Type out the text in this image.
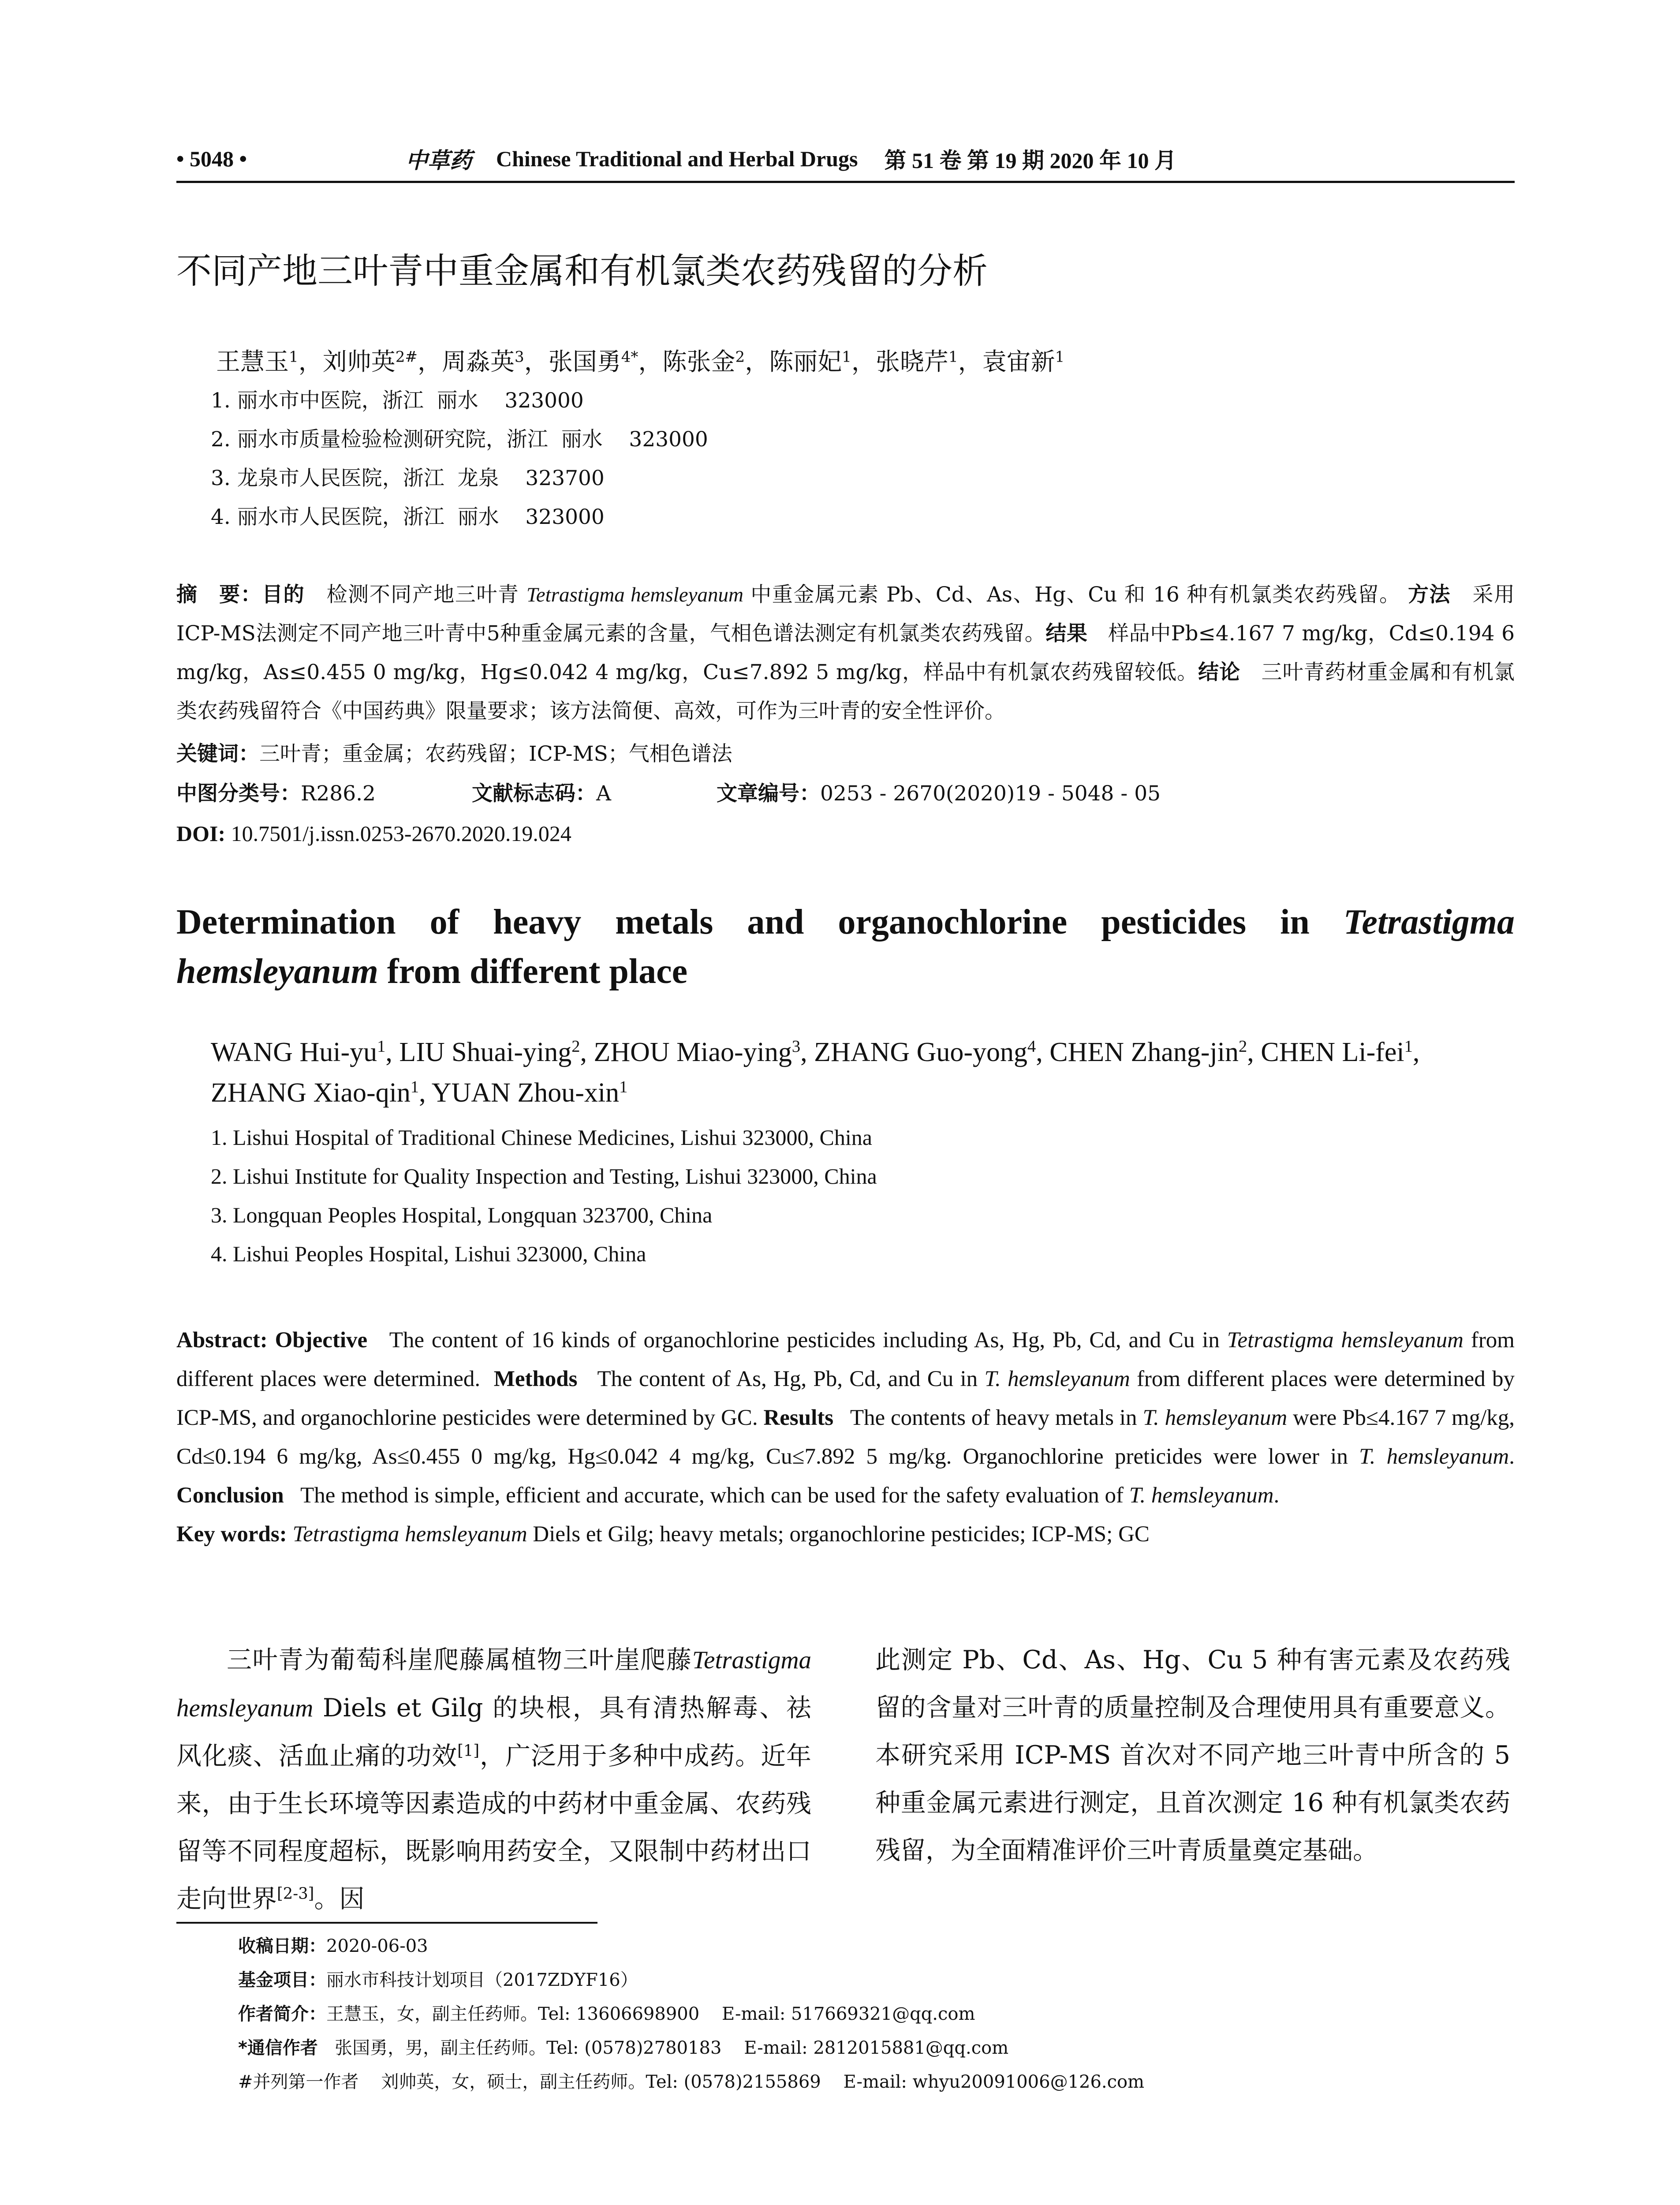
• 5048 •	中草药 Chinese Traditional and Herbal Drugs 第 51 卷 第 19 期 2020 年 10 月
不同产地三叶青中重金属和有机氯类农药残留的分析
王慧玉$^1$，刘帅英$^{2\#}$，周淼英$^3$，张国勇$^{4*}$，陈张金$^2$，陈丽妃$^1$，张晓芹$^1$，袁宙新$^1$
1. 丽水市中医院，浙江  丽水    323000
2. 丽水市质量检验检测研究院，浙江  丽水    323000
3. 龙泉市人民医院，浙江  龙泉    323700
4. 丽水市人民医院，浙江  丽水    323000

摘　要：目的 检测不同产地三叶青 Tetrastigma hemsleyanum 中重金属元素 Pb、Cd、As、Hg、Cu 和 16 种有机氯类农药残留。 方法 采用ICP-MS法测定不同产地三叶青中5种重金属元素的含量，气相色谱法测定有机氯类农药残留。结果 样品中Pb≤4.167 7 mg/kg，Cd≤0.194 6 mg/kg，As≤0.455 0 mg/kg，Hg≤0.042 4 mg/kg，Cu≤7.892 5 mg/kg，样品中有机氯农药残留较低。结论 三叶青药材重金属和有机氯类农药残留符合《中国药典》限量要求；该方法简便、高效，可作为三叶青的安全性评价。

关键词：三叶青；重金属；农药残留；ICP-MS；气相色谱法
中图分类号：R286.2	文献标志码：A	文章编号：0253 - 2670(2020)19 - 5048 - 05
DOI: 10.7501/j.issn.0253-2670.2020.19.024
Determination of heavy metals and organochlorine pesticides in Tetrastigma hemsleyanum from different place
WANG Hui-$yu^1$, LIU Shuai-ying$^2$, ZHOU Miao-ying$^3$, ZHANG Guo-yong$^4$, CHEN Zhang-jin$^2$, CHEN Li-fei$^1$,
ZHANG Xiao-qin$^1$, YUAN Zhou-xin$^1$
1. Lishui Hospital of Traditional Chinese Medicines, Lishui 323000, China
2. Lishui Institute for Quality Inspection and Testing, Lishui 323000, China
3. Longquan Peoples Hospital, Longquan 323700, China
4. Lishui Peoples Hospital, Lishui 323000, China

Abstract: Objective The content of 16 kinds of organochlorine pesticides including As, Hg, Pb, Cd, and Cu in Tetrastigma hemsleyanum from different places were determined. Methods The content of As, Hg, Pb, Cd, and Cu in T. hemsleyanum from different places were determined by ICP-MS, and organochlorine pesticides were determined by GC. Results The contents of heavy metals in T. hemsleyanum were Pb≤4.167 7 mg/kg, Cd≤0.194 6 mg/kg, As≤0.455 0 mg/kg, Hg≤0.042 4 mg/kg, Cu≤7.892 5 mg/kg. Organochlorine preticides were lower in T. hemsleyanum. Conclusion The method is simple, efficient and accurate, which can be used for the safety evaluation of T. hemsleyanum.

Key words: Tetrastigma hemsleyanum Diels et Gilg; heavy metals; organochlorine pesticides; ICP-MS; GC

三叶青为葡萄科崖爬藤属植物三叶崖爬藤Tetrastigma hemsleyanum Diels et Gilg 的块根，具有清热解毒、祛风化痰、活血止痛的功效[1]，广泛用于多种中成药。近年来，由于生长环境等因素造成的中药材中重金属、农药残留等不同程度超标，既影响用药安全，又限制中药材出口走向世界[2-3]。因

此测定 Pb、Cd、As、Hg、Cu 5 种有害元素及农药残留的含量对三叶青的质量控制及合理使用具有重要意义。本研究采用 ICP-MS 首次对不同产地三叶青中所含的 5 种重金属元素进行测定，且首次测定 16 种有机氯类农药残留，为全面精准评价三叶青质量奠定基础。

收稿日期：2020-06-03
基金项目：丽水市科技计划项目（2017ZDYF16）
作者简介：王慧玉，女，副主任药师。Tel: 13606698900    E-mail: 517669321@qq.com
*通信作者   张国勇，男，副主任药师。Tel: (0578)2780183    E-mail: 2812015881@qq.com
#并列第一作者    刘帅英，女，硕士，副主任药师。Tel: (0578)2155869    E-mail: whyu20091006@126.com
